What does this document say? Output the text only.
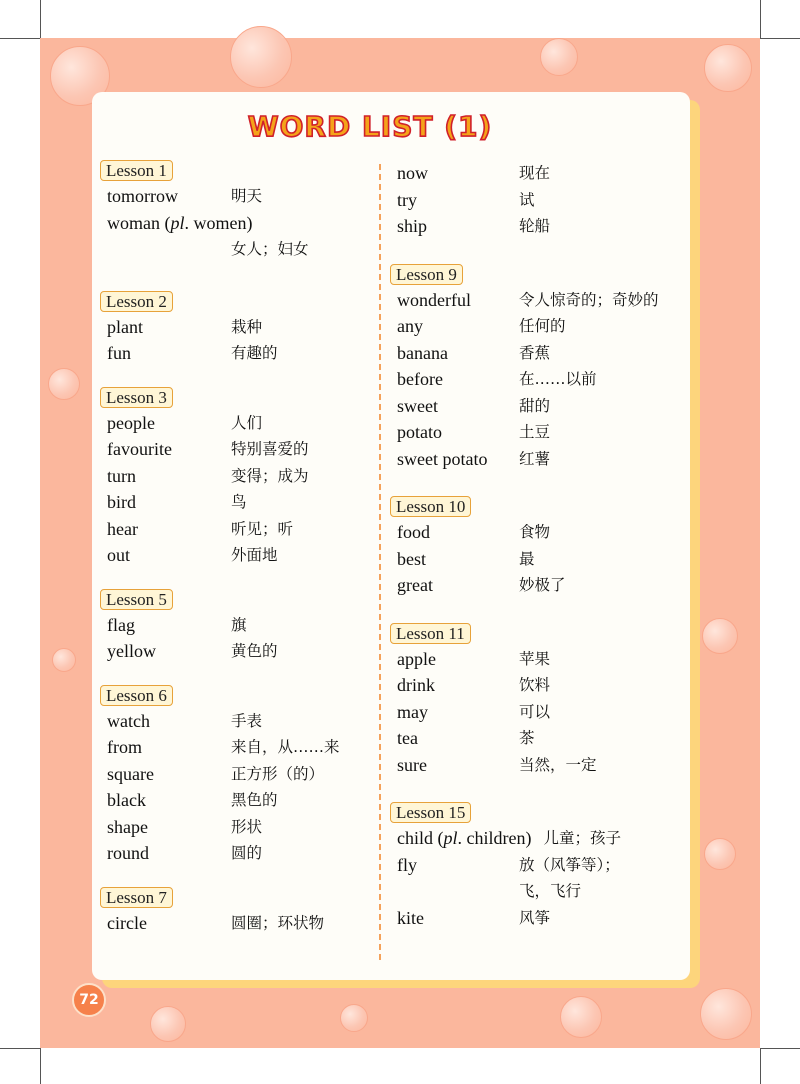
WORD LIST (1)
Lesson 1
tomorrow	明天
woman (pl. women)
女人；妇女
Lesson 2
plant	栽种
fun	有趣的
Lesson 3
people	人们
favourite	特别喜爱的
turn	变得；成为
bird	鸟
hear	听见；听
out	外面地
Lesson 5
flag	旗
yellow	黄色的
Lesson 6
watch	手表
from	来自，从……来
square	正方形（的）
black	黑色的
shape	形状
round	圆的
Lesson 7
circle	圆圈；环状物
now	现在
try	试
ship	轮船
Lesson 9
wonderful	令人惊奇的；奇妙的
any	任何的
banana	香蕉
before	在……以前
sweet	甜的
potato	土豆
sweet potato	红薯
Lesson 10
food	食物
best	最
great	妙极了
Lesson 11
apple	苹果
drink	饮料
may	可以
tea	茶
sure	当然，一定
Lesson 15
child (pl. children) 儿童；孩子
fly	放（风筝等）；
飞，飞行
kite	风筝
72
